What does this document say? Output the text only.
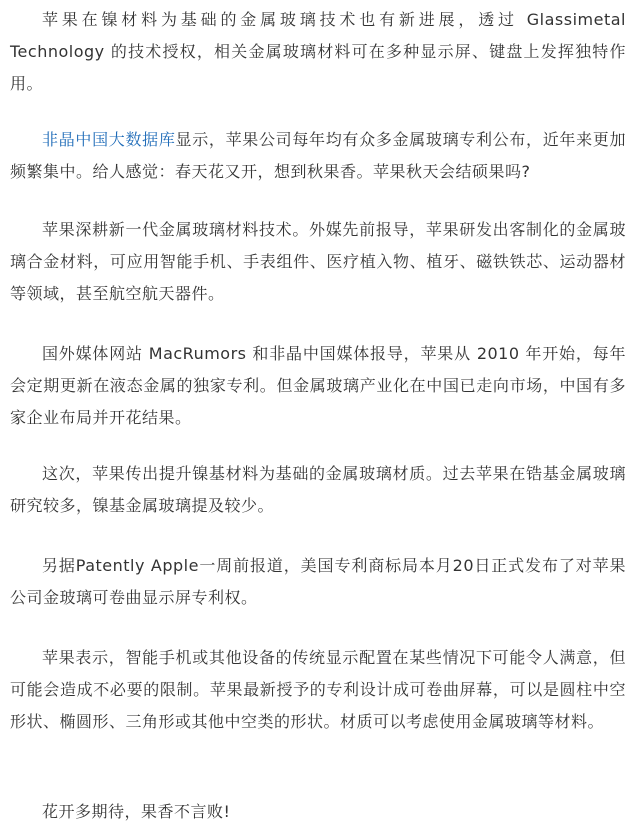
苹果在镍材料为基础的金属玻璃技术也有新进展，透过 Glassimetal Technology 的技术授权，相关金属玻璃材料可在多种显示屏、键盘上发挥独特作用。

非晶中国大数据库显示，苹果公司每年均有众多金属玻璃专利公布，近年来更加频繁集中。给人感觉：春天花又开，想到秋果香。苹果秋天会结硕果吗?

苹果深耕新一代金属玻璃材料技术。外媒先前报导，苹果研发出客制化的金属玻璃合金材料，可应用智能手机、手表组件、医疗植入物、植牙、磁铁铁芯、运动器材等领域，甚至航空航天器件。

国外媒体网站 MacRumors 和非晶中国媒体报导，苹果从 2010 年开始，每年会定期更新在液态金属的独家专利。但金属玻璃产业化在中国已走向市场，中国有多家企业布局并开花结果。

这次，苹果传出提升镍基材料为基础的金属玻璃材质。过去苹果在锆基金属玻璃研究较多，镍基金属玻璃提及较少。

另据Patently Apple一周前报道，美国专利商标局本月20日正式发布了对苹果公司金玻璃可卷曲显示屏专利权。

苹果表示，智能手机或其他设备的传统显示配置在某些情况下可能令人满意，但可能会造成不必要的限制。苹果最新授予的专利设计成可卷曲屏幕，可以是圆柱中空形状、椭圆形、三角形或其他中空类的形状。材质可以考虑使用金属玻璃等材料。

花开多期待，果香不言败!
